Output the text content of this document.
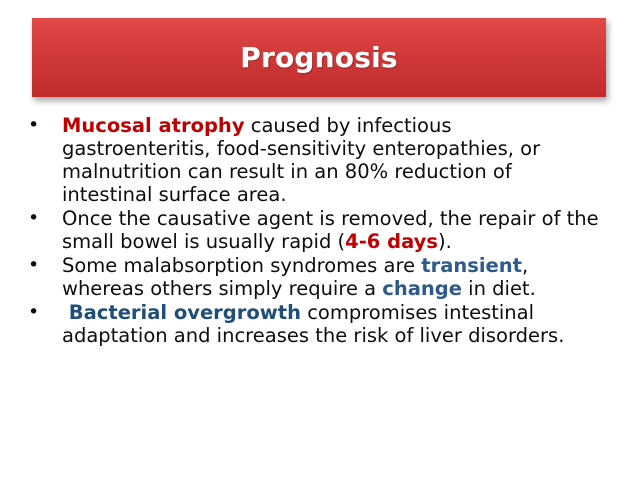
Prognosis
• Mucosal atrophy caused by infectious gastroenteritis, food-sensitivity enteropathies, or malnutrition can result in an 80% reduction of intestinal surface area.
• Once the causative agent is removed, the repair of the small bowel is usually rapid (4-6 days).
• Some malabsorption syndromes are transient, whereas others simply require a change in diet.
• Bacterial overgrowth compromises intestinal adaptation and increases the risk of liver disorders.
